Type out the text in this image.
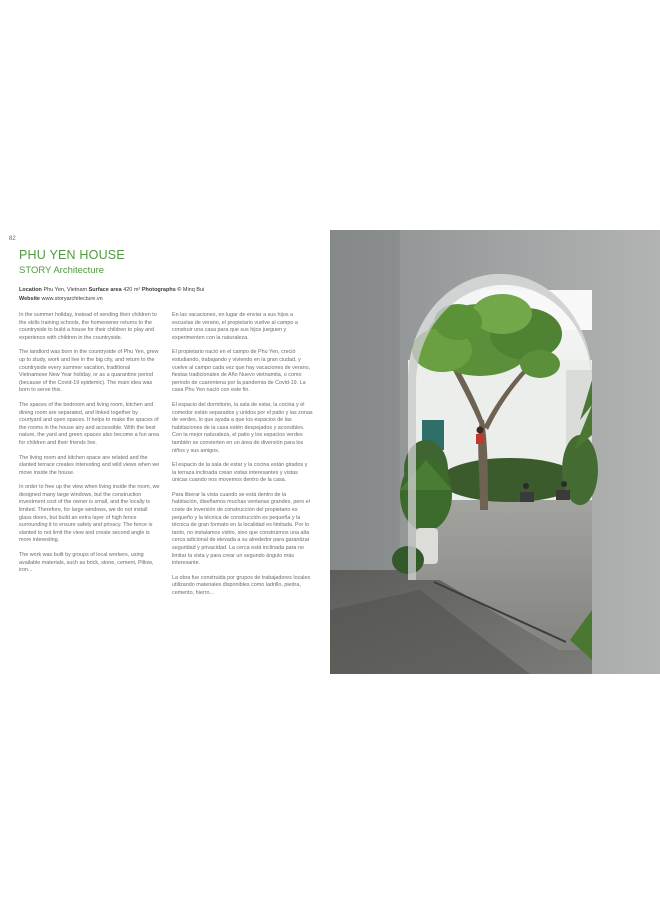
82
PHU YEN HOUSE
STORY Architecture
Location Phu Yen, Vietnam Surface area 420 m² Photographs © Minq Bui
Website www.storyarchitecture.vn

In the summer holiday, instead of sending their children to the skills training schools, the homeowner returns to the countryside to build a house for their children to play and experience with children in the countryside.

The landlord was born in the countryside of Phu Yen, grew up to study, work and live in the big city, and return to the countryside every summer vacation, traditional Vietnamese New Year holiday, or as a quarantine period (because of the Covid-19 epidemic). The main idea was born to serve this.

The spaces of the bedroom and living room, kitchen and dining room are separated, and linked together by courtyard and open spaces. It helps to make the spaces of the rooms in the house airy and accessible. With the best nature, the yard and green spaces also become a fun area for children and their friends live.

The living room and kitchen space are related and the slanted terrace creates interesting and wild views when we move inside the house.

In order to free up the view when living inside the room, we designed many large windows, but the construction investment cost of the owner is small, and the locally is limited. Therefore, for large windows, we do not install glass doors, but build an extra layer of high fence surrounding it to ensure safety and privacy. The fence is slanted to not limit the view and create second angle is more interesting.

The work was built by groups of local workers, using available materials, such as brick, stone, cement, Pillow, iron...

En las vacaciones, en lugar de enviar a sus hijos a escuelas de verano, el propietario vuelve al campo a construir una casa para que sus hijos jueguen y experimenten con la naturaleza.

El propietario nació en el campo de Phu Yen, creció estudiando, trabajando y viviendo en la gran ciudad, y vuelve al campo cada vez que hay vacaciones de verano, fiestas tradicionales de Año Nuevo vietnamita, o como periodo de cuarentena por la pandemia de Covid-19. La casa Phu Yen nació con este fin.

El espacio del dormitorio, la sala de estar, la cocina y el comedor están separados y unidos por el patio y las zonas de verdes, lo que ayuda a que los espacios de las habitaciones de la casa estén despejados y accesibles. Con la mejor naturaleza, el patio y los espacios verdes también se convierten en un área de diversión para los niños y sus amigos.

El espacio de la sala de estar y la cocina están girados y la terraza inclinada crean vistas interesantes y vistas únicas cuando nos movemos dentro de la casa.

Para liberar la vista cuando se está dentro de la habitación, diseñamos muchas ventanas grandes, pero el coste de inversión de construcción del propietario es pequeño y la técnica de construcción es pequeña y la técnica de gran formato en la localidad es limitada. Por lo tanto, no instalamos vidrio, sino que construimos una alta cerca adicional de elevada a su alrededor para garantizar seguridad y privacidad. La cerca está inclinada para no limitar la vista y para crear un segundo ángulo más interesante.

La obra fue construida por grupos de trabajadores locales utilizando materiales disponibles como ladrillo, piedra, cemento, hierro...
